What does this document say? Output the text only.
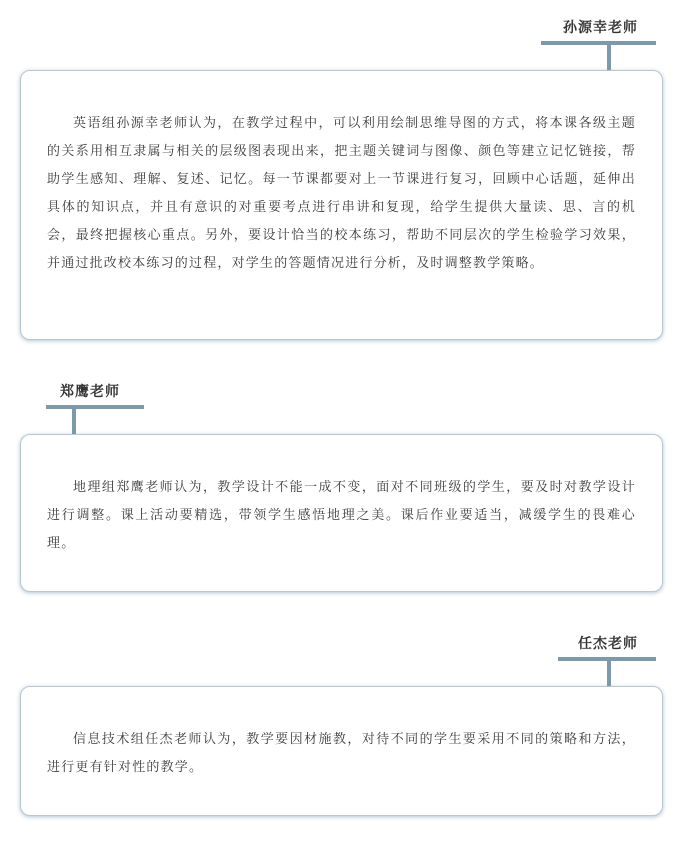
孙源幸老师

英语组孙源幸老师认为，在教学过程中，可以利用绘制思维导图的方式，将本课各级主题的关系用相互隶属与相关的层级图表现出来，把主题关键词与图像、颜色等建立记忆链接，帮助学生感知、理解、复述、记忆。每一节课都要对上一节课进行复习，回顾中心话题，延伸出具体的知识点，并且有意识的对重要考点进行串讲和复现，给学生提供大量读、思、言的机会，最终把握核心重点。另外，要设计恰当的校本练习，帮助不同层次的学生检验学习效果，并通过批改校本练习的过程，对学生的答题情况进行分析，及时调整教学策略。

郑鹰老师

地理组郑鹰老师认为，教学设计不能一成不变，面对不同班级的学生，要及时对教学设计进行调整。课上活动要精选，带领学生感悟地理之美。课后作业要适当，减缓学生的畏难心理。

任杰老师

信息技术组任杰老师认为，教学要因材施教，对待不同的学生要采用不同的策略和方法，进行更有针对性的教学。
